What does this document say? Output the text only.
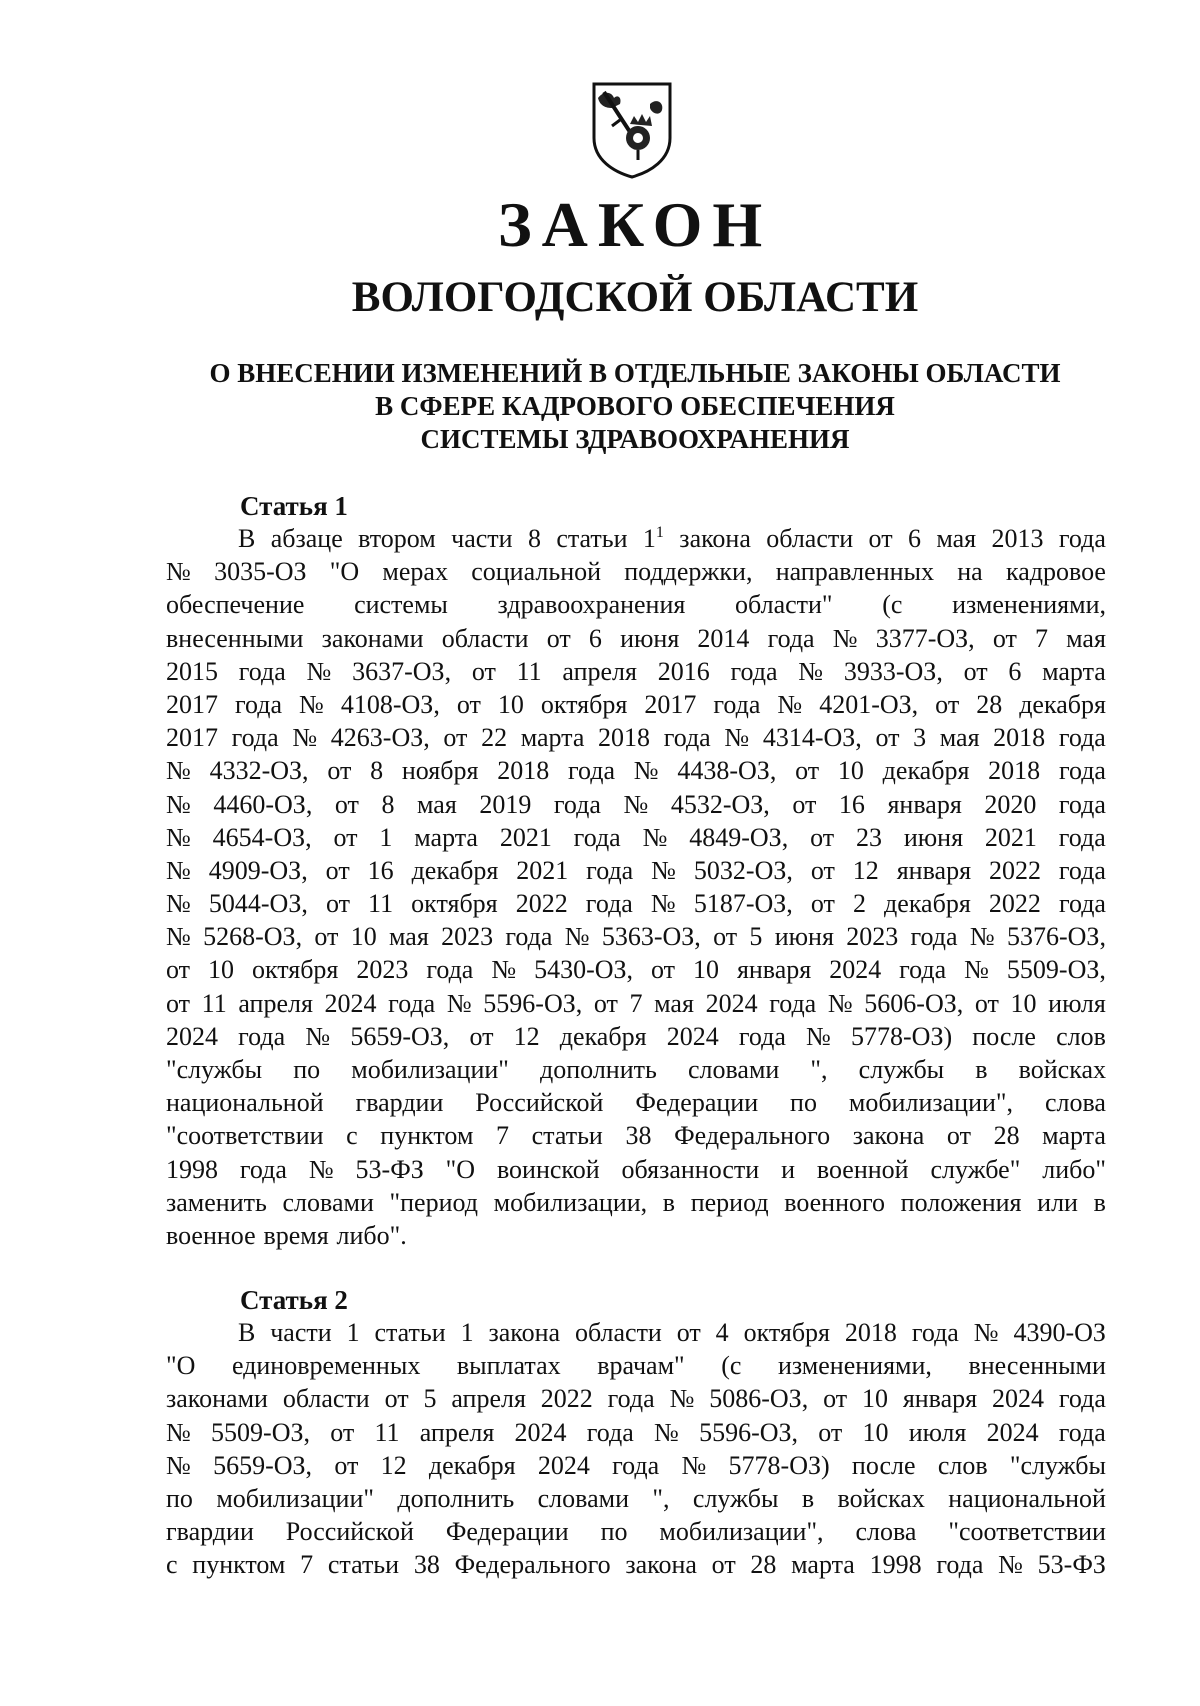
ЗАКОН
ВОЛОГОДСКОЙ ОБЛАСТИ
О ВНЕСЕНИИ ИЗМЕНЕНИЙ В ОТДЕЛЬНЫЕ ЗАКОНЫ ОБЛАСТИ
В СФЕРЕ КАДРОВОГО ОБЕСПЕЧЕНИЯ
СИСТЕМЫ ЗДРАВООХРАНЕНИЯ
Статья 1
В абзаце втором части 8 статьи $1^1$ закона области от 6 мая 2013 года
№ 3035-ОЗ "О мерах социальной поддержки, направленных на кадровое
обеспечение системы здравоохранения области" (с изменениями,
внесенными законами области от 6 июня 2014 года № 3377-ОЗ, от 7 мая
2015 года № 3637-ОЗ, от 11 апреля 2016 года № 3933-ОЗ, от 6 марта
2017 года № 4108-ОЗ, от 10 октября 2017 года № 4201-ОЗ, от 28 декабря
2017 года № 4263-ОЗ, от 22 марта 2018 года № 4314-ОЗ, от 3 мая 2018 года
№ 4332-ОЗ, от 8 ноября 2018 года № 4438-ОЗ, от 10 декабря 2018 года
№ 4460-ОЗ, от 8 мая 2019 года № 4532-ОЗ, от 16 января 2020 года
№ 4654-ОЗ, от 1 марта 2021 года № 4849-ОЗ, от 23 июня 2021 года
№ 4909-ОЗ, от 16 декабря 2021 года № 5032-ОЗ, от 12 января 2022 года
№ 5044-ОЗ, от 11 октября 2022 года № 5187-ОЗ, от 2 декабря 2022 года
№ 5268-ОЗ, от 10 мая 2023 года № 5363-ОЗ, от 5 июня 2023 года № 5376-ОЗ,
от 10 октября 2023 года № 5430-ОЗ, от 10 января 2024 года № 5509-ОЗ,
от 11 апреля 2024 года № 5596-ОЗ, от 7 мая 2024 года № 5606-ОЗ, от 10 июля
2024 года № 5659-ОЗ, от 12 декабря 2024 года № 5778-ОЗ) после слов
"службы по мобилизации" дополнить словами ", службы в войсках
национальной гвардии Российской Федерации по мобилизации", слова
"соответствии с пунктом 7 статьи 38 Федерального закона от 28 марта
1998 года № 53-ФЗ "О воинской обязанности и военной службе" либо"
заменить словами "период мобилизации, в период военного положения или в
военное время либо".
Статья 2
В части 1 статьи 1 закона области от 4 октября 2018 года № 4390-ОЗ
"О единовременных выплатах врачам" (с изменениями, внесенными
законами области от 5 апреля 2022 года № 5086-ОЗ, от 10 января 2024 года
№ 5509-ОЗ, от 11 апреля 2024 года № 5596-ОЗ, от 10 июля 2024 года
№ 5659-ОЗ, от 12 декабря 2024 года № 5778-ОЗ) после слов "службы
по мобилизации" дополнить словами ", службы в войсках национальной
гвардии Российской Федерации по мобилизации", слова "соответствии
с пунктом 7 статьи 38 Федерального закона от 28 марта 1998 года № 53-ФЗ
